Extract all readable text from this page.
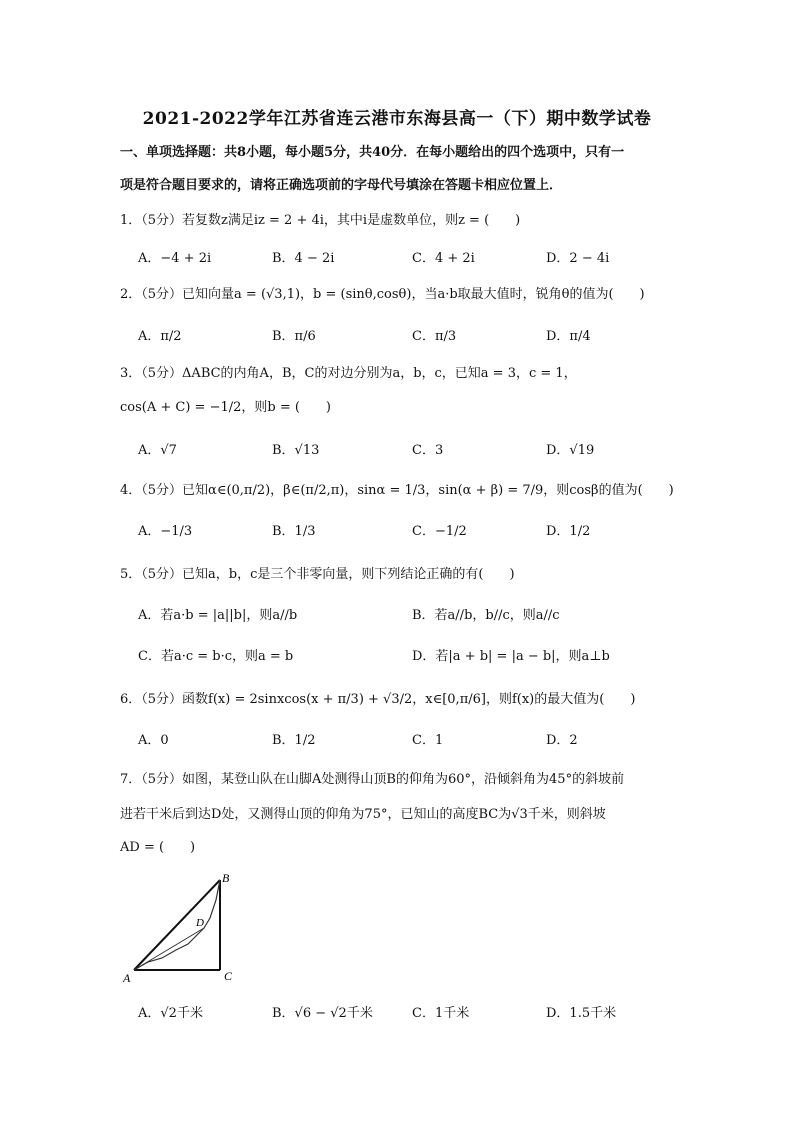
2021-2022学年江苏省连云港市东海县高一（下）期中数学试卷
一、单项选择题：共8小题，每小题5分，共40分．在每小题给出的四个选项中，只有一
项是符合题目要求的，请将正确选项前的字母代号填涂在答题卡相应位置上．
1．（5分）若复数z满足iz = 2 + 4i，其中i是虚数单位，则z = (　　)
A．−4 + 2i	B．4 − 2i	C．4 + 2i	D．2 − 4i
2．（5分）已知向量a = (√3,1)，b = (sinθ,cosθ)，当a·b取最大值时，锐角θ的值为(　　)
A．π/2	B．π/6	C．π/3	D．π/4
3．（5分）ΔABC的内角A，B，C的对边分别为a，b，c，已知a = 3，c = 1，
cos(A + C) = −1/2，则b = (　　)
A．√7	B．√13	C．3	D．√19
4．（5分）已知α∈(0,π/2)，β∈(π/2,π)，sinα = 1/3，sin(α + β) = 7/9，则cosβ的值为(　　)
A．−1/3	B．1/3	C．−1/2	D．1/2
5．（5分）已知a，b，c是三个非零向量，则下列结论正确的有(　　)
A．若a·b = |a||b|，则a//b	B．若a//b，b//c，则a//c
C．若a·c = b·c，则a = b	D．若|a + b| = |a − b|，则a⊥b
6．（5分）函数f(x) = 2sinxcos(x + π/3) + √3/2，x∈[0,π/6]，则f(x)的最大值为(　　)
A．0	B．1/2	C．1	D．2
7．（5分）如图，某登山队在山脚A处测得山顶B的仰角为60°，沿倾斜角为45°的斜坡前
进若干米后到达D处，又测得山顶的仰角为75°，已知山的高度BC为√3千米，则斜坡
AD = (　　)
B
A	C
D
A．√2千米	B．√6 − √2千米	C．1千米	D．1.5千米
